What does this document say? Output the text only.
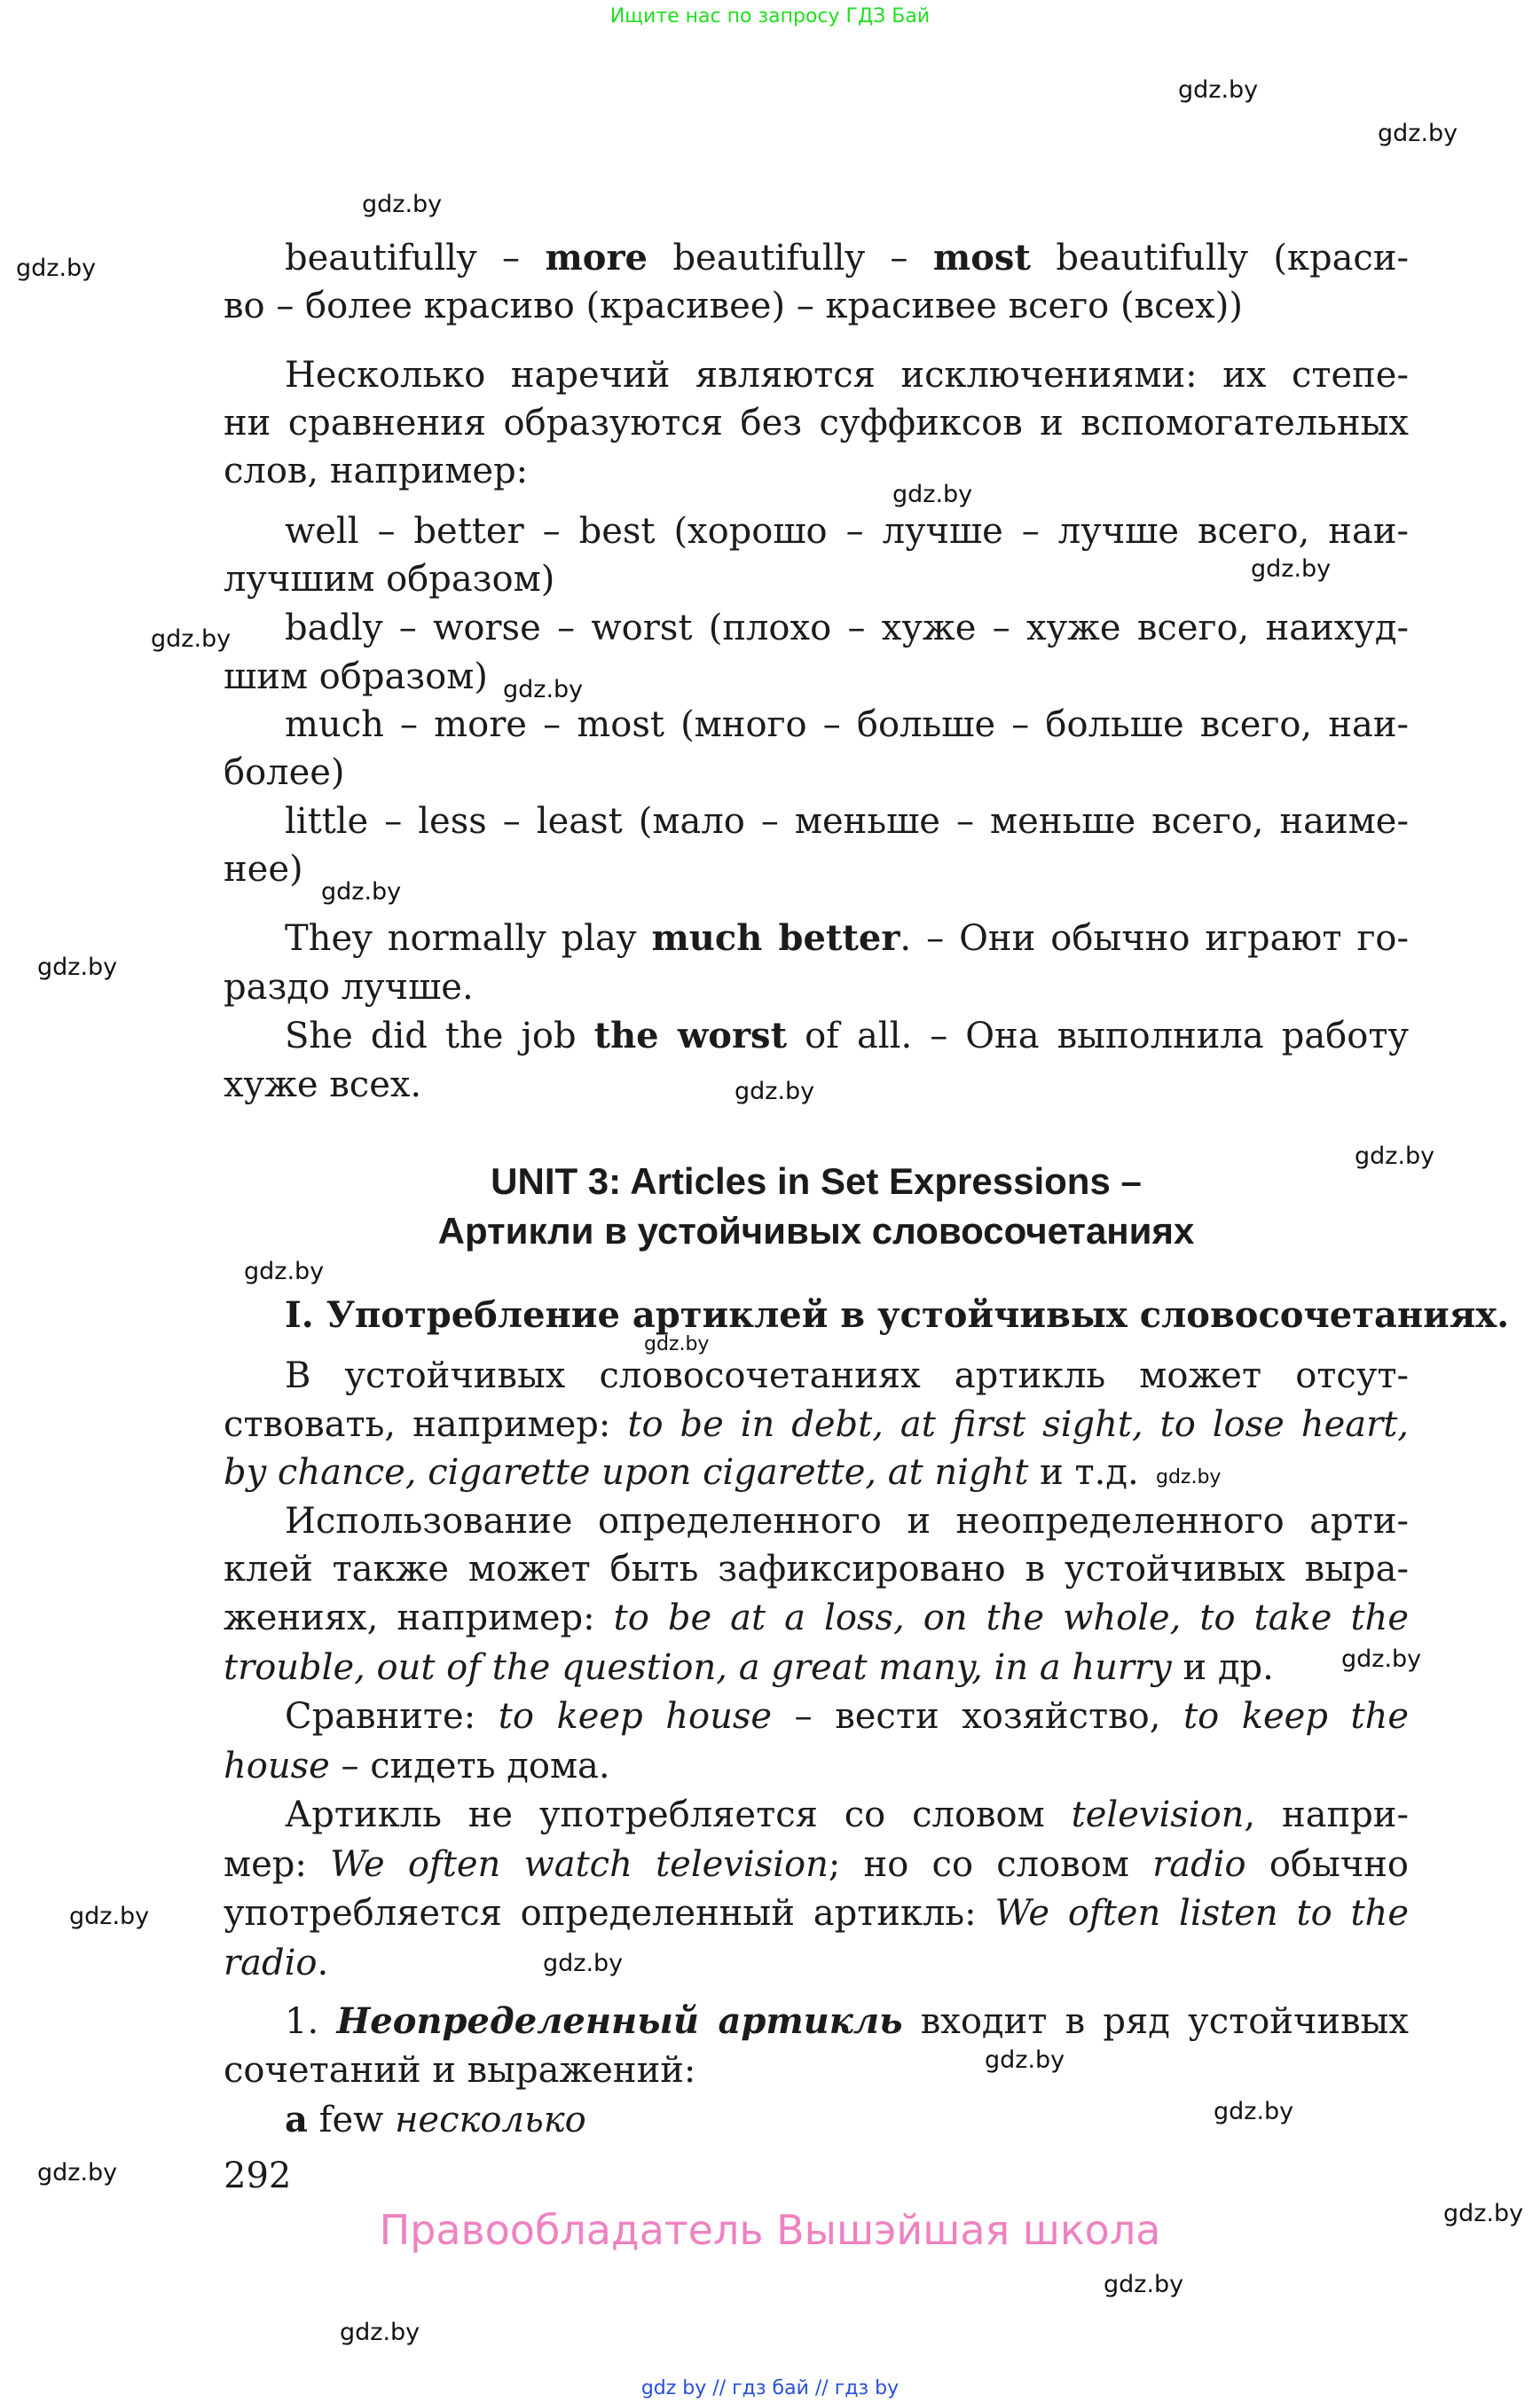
Ищите нас по запросу ГДЗ Бай
gdz.by
gdz.by
gdz.by
gdz.by
gdz.by
gdz.by
gdz.by
gdz.by
gdz.by
gdz.by
gdz.by
gdz.by
gdz.by
gdz.by
gdz.by
gdz.by
gdz.by
gdz.by
gdz.by
gdz.by
gdz.by
gdz.by
gdz.by
gdz.by
beautifully – more beautifully – most beautifully (краси-
во – более красиво (красивее) – красивее всего (всех))
Несколько наречий являются исключениями: их степе-
ни сравнения образуются без суффиксов и вспомогательных
слов, например:
well – better – best (хорошо – лучше – лучше всего, наи-
лучшим образом)
badly – worse – worst (плохо – хуже – хуже всего, наихуд-
шим образом)
much – more – most (много – больше – больше всего, наи-
более)
little – less – least (мало – меньше – меньше всего, наиме-
нее)
They normally play much better. – Они обычно играют го-
раздо лучше.
She did the job the worst of all. – Она выполнила работу
хуже всех.
UNIT 3: Articles in Set Expressions –
Артикли в устойчивых словосочетаниях
I. Употребление артиклей в устойчивых словосочетаниях.
В устойчивых словосочетаниях артикль может отсут-
ствовать, например: to be in debt, at first sight, to lose heart,
by chance, cigarette upon cigarette, at night и т.д.
Использование определенного и неопределенного арти-
клей также может быть зафиксировано в устойчивых выра-
жениях, например: to be at a loss, on the whole, to take the
trouble, out of the question, a great many, in a hurry и др.
Сравните: to keep house – вести хозяйство, to keep the
house – сидеть дома.
Артикль не употребляется со словом television, напри-
мер: We often watch television; но со словом radio обычно
употребляется определенный артикль: We often listen to the
radio.
1. Неопределенный артикль входит в ряд устойчивых
сочетаний и выражений:
a few несколько
292
Правообладатель Вышэйшая школа
gdz by // гдз бай // гдз by
